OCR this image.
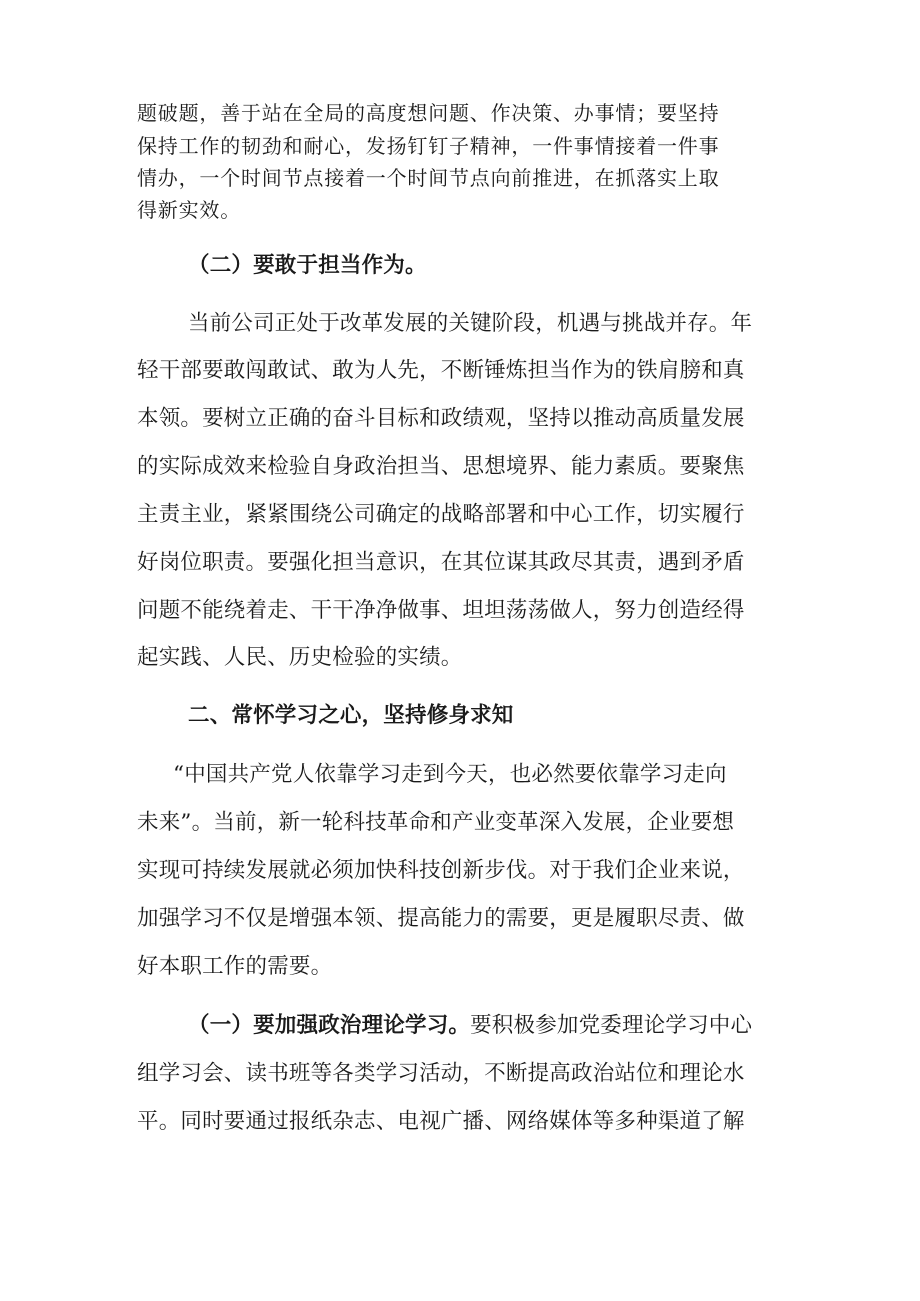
题破题，善于站在全局的高度想问题、作决策、办事情；要坚持
保持工作的韧劲和耐心，发扬钉钉子精神，一件事情接着一件事
情办，一个时间节点接着一个时间节点向前推进，在抓落实上取
得新实效。
（二）要敢于担当作为。
当前公司正处于改革发展的关键阶段，机遇与挑战并存。年
轻干部要敢闯敢试、敢为人先，不断锤炼担当作为的铁肩膀和真
本领。要树立正确的奋斗目标和政绩观，坚持以推动高质量发展
的实际成效来检验自身政治担当、思想境界、能力素质。要聚焦
主责主业，紧紧围绕公司确定的战略部署和中心工作，切实履行
好岗位职责。要强化担当意识，在其位谋其政尽其责，遇到矛盾
问题不能绕着走、干干净净做事、坦坦荡荡做人，努力创造经得
起实践、人民、历史检验的实绩。
二、常怀学习之心，坚持修身求知
“中国共产党人依靠学习走到今天，也必然要依靠学习走向
未来”。当前，新一轮科技革命和产业变革深入发展，企业要想
实现可持续发展就必须加快科技创新步伐。对于我们企业来说，
加强学习不仅是增强本领、提高能力的需要，更是履职尽责、做
好本职工作的需要。
（一）要加强政治理论学习。要积极参加党委理论学习中心
组学习会、读书班等各类学习活动，不断提高政治站位和理论水
平。同时要通过报纸杂志、电视广播、网络媒体等多种渠道了解
